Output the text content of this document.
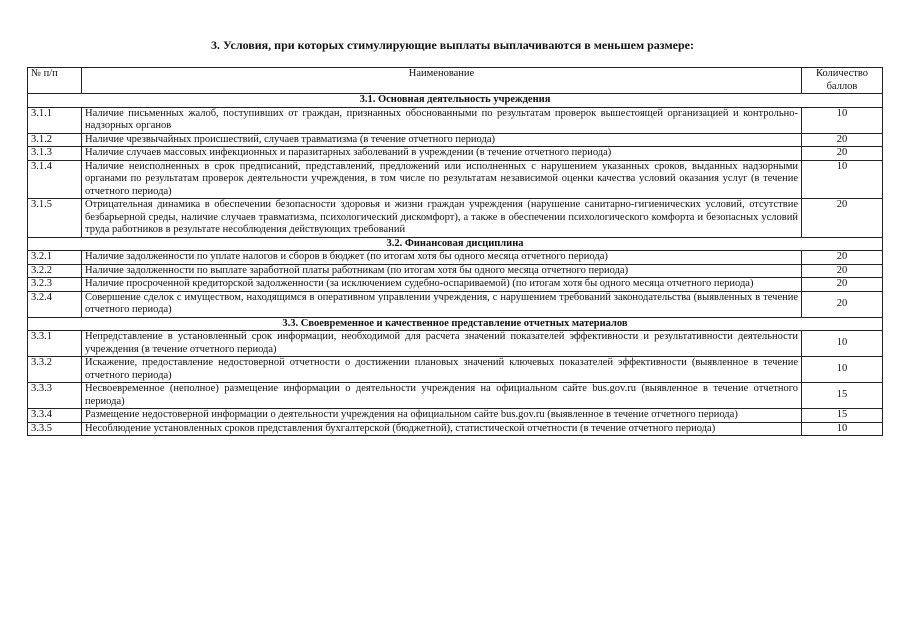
3. Условия, при которых стимулирующие выплаты выплачиваются в меньшем размере:
№ п/п	Наименование	Количество баллов
3.1. Основная деятельность учреждения		
3.1.1	Наличие письменных жалоб, поступивших от граждан, признанных обоснованными по результатам проверок вышестоящей организацией и контрольно-надзорных органов	10
3.1.2	Наличие чрезвычайных происшествий, случаев травматизма (в течение отчетного периода)	20
3.1.3	Наличие случаев массовых инфекционных и паразитарных заболеваний в учреждении (в течение отчетного периода)	20
3.1.4	Наличие неисполненных в срок предписаний, представлений, предложений или исполненных с нарушением указанных сроков, выданных надзорными органами по результатам проверок деятельности учреждения, в том числе по результатам независимой оценки качества условий оказания услуг (в течение отчетного периода)	10
3.1.5	Отрицательная динамика в обеспечении безопасности здоровья и жизни граждан учреждения (нарушение санитарно-гигиенических условий, отсутствие безбарьерной среды, наличие случаев травматизма, психологический дискомфорт), а также в обеспечении психологического комфорта и безопасных условий труда работников в результате несоблюдения действующих требований	20
3.2. Финансовая дисциплина		
3.2.1	Наличие задолженности по уплате налогов и сборов в бюджет (по итогам хотя бы одного месяца отчетного периода)	20
3.2.2	Наличие задолженности по выплате заработной платы работникам (по итогам хотя бы одного месяца отчетного периода)	20
3.2.3	Наличие просроченной кредиторской задолженности (за исключением судебно-оспариваемой) (по итогам хотя бы одного месяца отчетного периода)	20
3.2.4	Совершение сделок с имуществом, находящимся в оперативном управлении учреждения, с нарушением требований законодательства (выявленных в течение отчетного периода)	20
3.3. Своевременное и качественное представление отчетных материалов		
3.3.1	Непредставление в установленный срок информации, необходимой для расчета значений показателей эффективности и результативности деятельности учреждения (в течение отчетного периода)	10
3.3.2	Искажение, предоставление недостоверной отчетности о достижении плановых значений ключевых показателей эффективности (выявленное в течение отчетного периода)	10
3.3.3	Несвоевременное (неполное) размещение информации о деятельности учреждения на официальном сайте bus.gov.ru (выявленное в течение отчетного периода)	15
3.3.4	Размещение недостоверной информации о деятельности учреждения на официальном сайте bus.gov.ru (выявленное в течение отчетного периода)	15
3.3.5	Несоблюдение установленных сроков представления бухгалтерской (бюджетной), статистической отчетности (в течение отчетного периода)	10
